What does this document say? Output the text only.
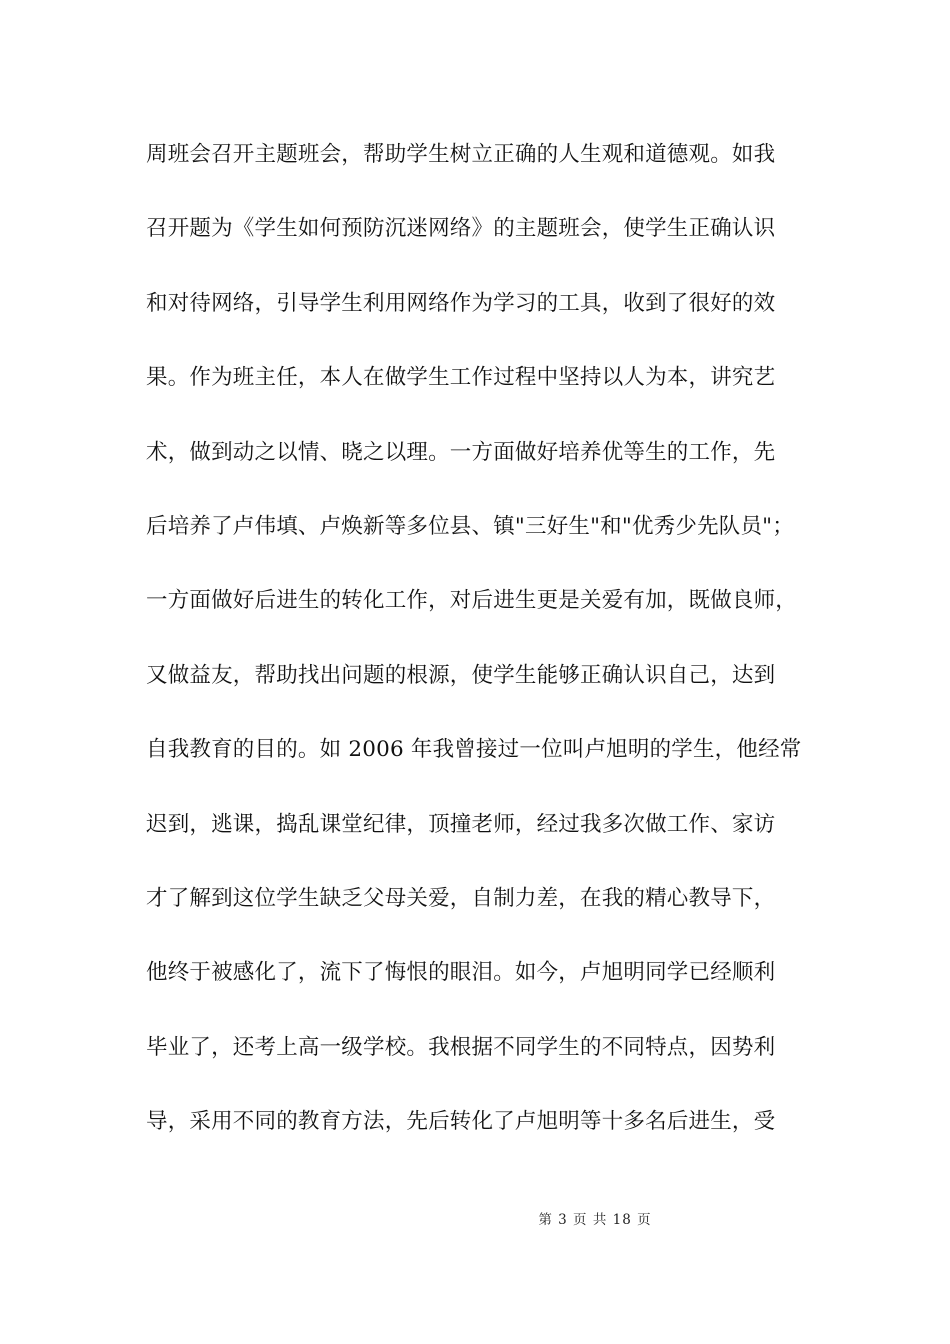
周班会召开主题班会，帮助学生树立正确的人生观和道德观。如我
召开题为《学生如何预防沉迷网络》的主题班会，使学生正确认识
和对待网络，引导学生利用网络作为学习的工具，收到了很好的效
果。作为班主任，本人在做学生工作过程中坚持以人为本，讲究艺
术，做到动之以情、晓之以理。一方面做好培养优等生的工作，先
后培养了卢伟填、卢焕新等多位县、镇"三好生"和"优秀少先队员"；
一方面做好后进生的转化工作，对后进生更是关爱有加，既做良师，
又做益友，帮助找出问题的根源，使学生能够正确认识自己，达到
自我教育的目的。如 2006 年我曾接过一位叫卢旭明的学生，他经常
迟到，逃课，捣乱课堂纪律，顶撞老师，经过我多次做工作、家访
才了解到这位学生缺乏父母关爱，自制力差，在我的精心教导下，
他终于被感化了，流下了悔恨的眼泪。如今，卢旭明同学已经顺利
毕业了，还考上高一级学校。我根据不同学生的不同特点，因势利
导，采用不同的教育方法，先后转化了卢旭明等十多名后进生，受
第 3 页 共 18 页
